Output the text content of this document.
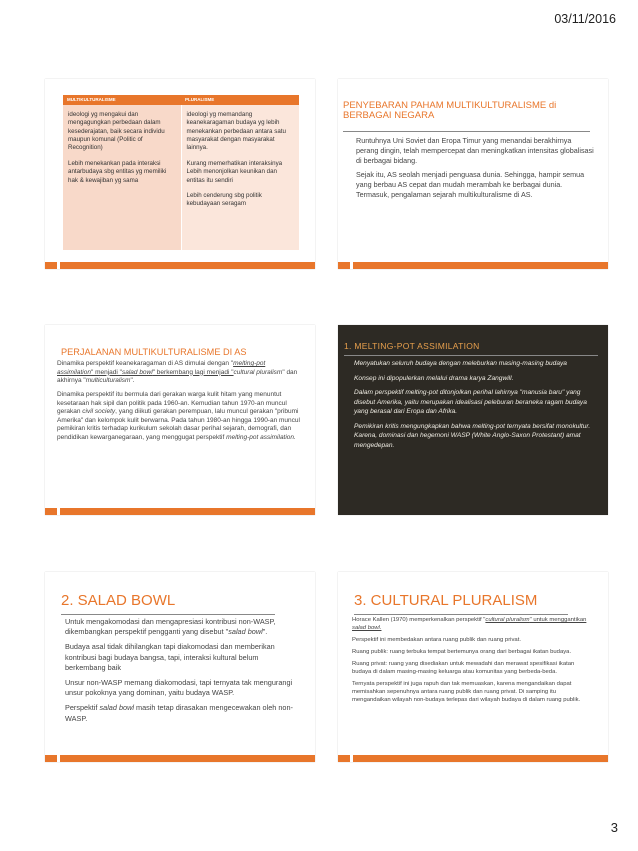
03/11/2016
MULTIKULTURALISME	PLURALISME

ideologi yg mengakui dan mengagungkan perbedaan dalam kesederajatan, baik secara individu maupun komunal (Politic of Recognition)

Lebih menekankan pada interaksi antarbudaya sbg entitas yg memiliki hak & kewajiban yg sama

ideologi yg memandang keanekaragaman budaya yg lebih menekankan perbedaan antara satu masyarakat dengan masyarakat lainnya.

Kurang memerhatikan interaksinya
Lebih menonjolkan keunikan dan entitas itu sendiri

Lebih cenderung sbg politik kebudayaan seragam

PENYEBARAN PAHAM MULTIKULTURALISME di BERBAGAI NEGARA

Runtuhnya Uni Soviet dan Eropa Timur yang menandai berakhirnya perang dingin, telah mempercepat dan meningkatkan intensitas globalisasi di berbagai bidang.

Sejak itu, AS seolah menjadi penguasa dunia. Sehingga, hampir semua yang berbau AS cepat dan mudah merambah ke berbagai dunia. Termasuk, pengalaman sejarah multikulturalisme di AS.

PERJALANAN MULTIKULTURALISME DI AS

Dinamika perspektif keanekaragaman di AS dimulai dengan "melting-pot assimilation" menjadi "salad bowl" berkembang lagi menjadi "cultural pluralism" dan akhirnya "multiculturalism".

Dinamika perspektif itu bermula dari gerakan warga kulit hitam yang menuntut kesetaraan hak sipil dan politik pada 1960-an. Kemudian tahun 1970-an muncul gerakan civil society, yang diikuti gerakan perempuan, lalu muncul gerakan "pribumi Amerika" dan kelompok kulit berwarna. Pada tahun 1980-an hingga 1990-an muncul pemikiran kritis terhadap kurikulum sekolah dasar perihal sejarah, demografi, dan pendidikan kewarganegaraan, yang menggugat perspektif melting-pot assimilation.

1. MELTING-POT ASSIMILATION

Menyatukan seluruh budaya dengan meleburkan masing-masing budaya

Konsep ini dipopulerkan melalui drama karya Zangwill.

Dalam perspektif melting-pot ditonjolkan perihal lahirnya "manusia baru" yang disebut Amerika, yaitu merupakan idealisasi peleburan beraneka ragam budaya yang berasal dari Eropa dan Afrika.

Pemikiran kritis mengungkapkan bahwa melting-pot ternyata bersifat monokultur. Karena, dominasi dan hegemoni WASP (White Anglo-Saxon Protestant) amat mengedepan.

2. SALAD BOWL

Untuk mengakomodasi dan mengapresiasi kontribusi non-WASP, dikembangkan perspektif pengganti yang disebut "salad bowl".

Budaya asal tidak dihilangkan tapi diakomodasi dan memberikan kontribusi bagi budaya bangsa, tapi, interaksi kultural belum berkembang baik

Unsur non-WASP memang diakomodasi, tapi ternyata tak mengurangi unsur pokoknya yang dominan, yaitu budaya WASP.

Perspektif salad bowl masih tetap dirasakan mengecewakan oleh non-WASP.

3. CULTURAL PLURALISM

Horace Kallen (1970) memperkenalkan perspektif "cultural pluralism" untuk menggantikan salad bowl.

Perspektif ini membedakan antara ruang publik dan ruang privat.

Ruang publik: ruang terbuka tempat bertemunya orang dari berbagai ikatan budaya.

Ruang privat: ruang yang disediakan untuk mewadahi dan merawat spesifikasi ikatan budaya di dalam masing-masing keluarga atau komunitas yang berbeda-beda.

Ternyata perspektif ini juga rapuh dan tak memuaskan, karena mengandaikan dapat memisahkan sepenuhnya antara ruang publik dan ruang privat. Di samping itu mengandaikan wilayah non-budaya terlepas dari wilayah budaya di dalam ruang publik.

3
